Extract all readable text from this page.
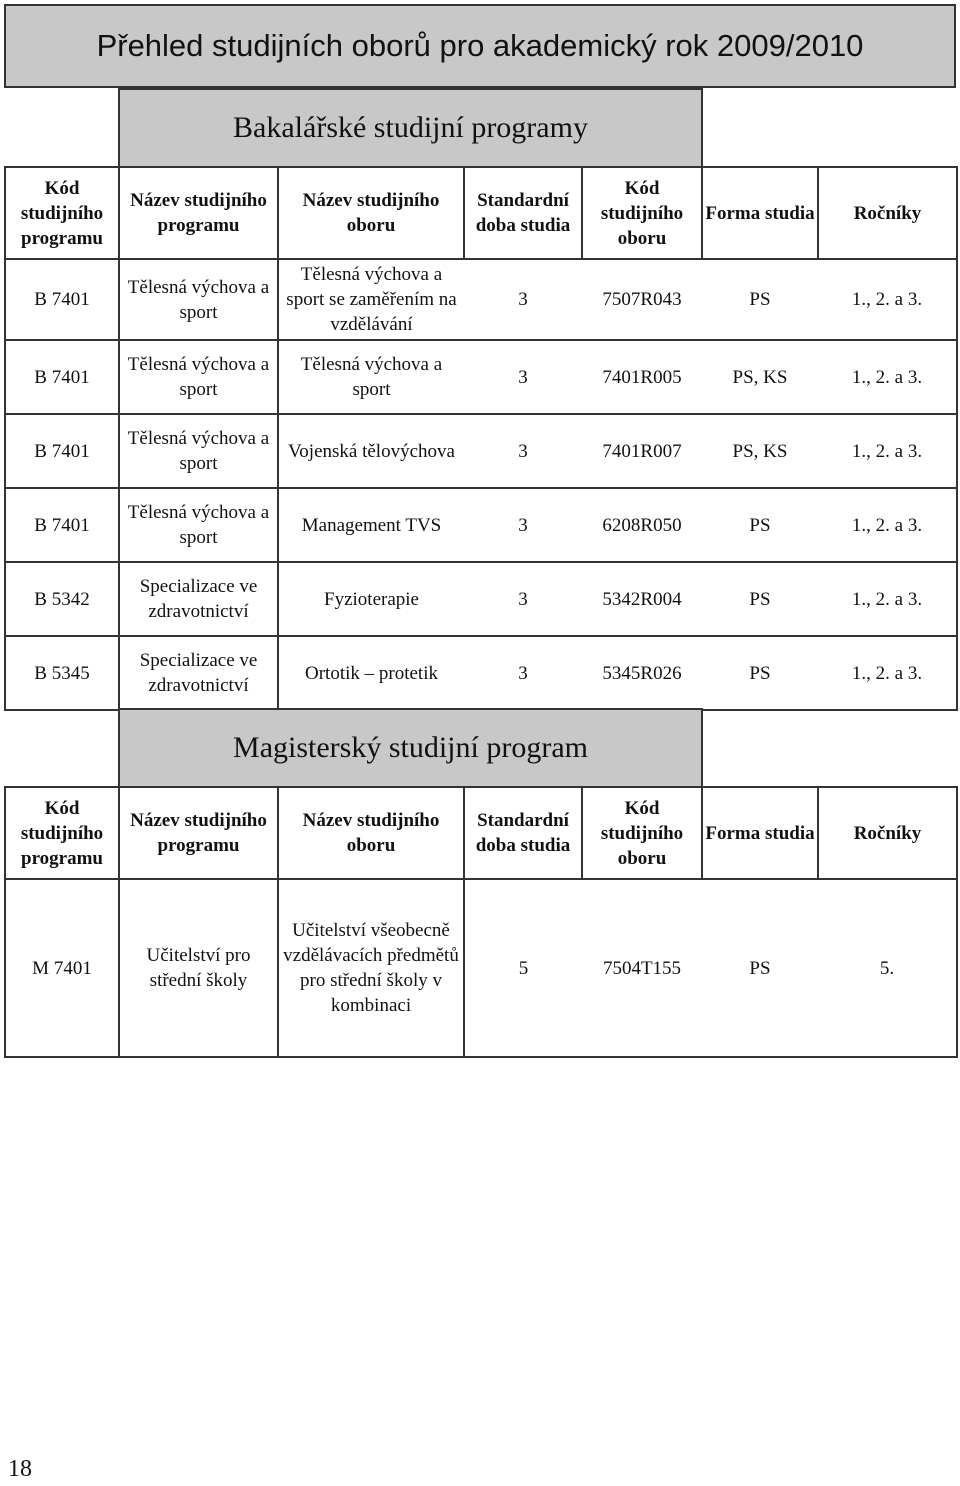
Přehled studijních oborů pro akademický rok 2009/2010
Bakalářské studijní programy
Kód studijního programu	Název studijního programu	Název studijního oboru	Standardní doba studia	Kód studijního oboru	Forma studia	Ročníky
B 7401	Tělesná výchova a sport	Tělesná výchova a sport se zaměřením na vzdělávání	3	7507R043	PS	1., 2. a 3.
B 7401	Tělesná výchova a sport	Tělesná výchova a sport	3	7401R005	PS, KS	1., 2. a 3.
B 7401	Tělesná výchova a sport	Vojenská tělovýchova	3	7401R007	PS, KS	1., 2. a 3.
B 7401	Tělesná výchova a sport	Management TVS	3	6208R050	PS	1., 2. a 3.
B 5342	Specializace ve zdravotnictví	Fyzioterapie	3	5342R004	PS	1., 2. a 3.
B 5345	Specializace ve zdravotnictví	Ortotik – protetik	3	5345R026	PS	1., 2. a 3.
Magisterský studijní program
Kód studijního programu	Název studijního programu	Název studijního oboru	Standardní doba studia	Kód studijního oboru	Forma studia	Ročníky
M 7401	Učitelství pro střední školy	Učitelství všeobecně vzdělávacích předmětů pro střední školy v kombinaci	5	7504T155	PS	5.
18
